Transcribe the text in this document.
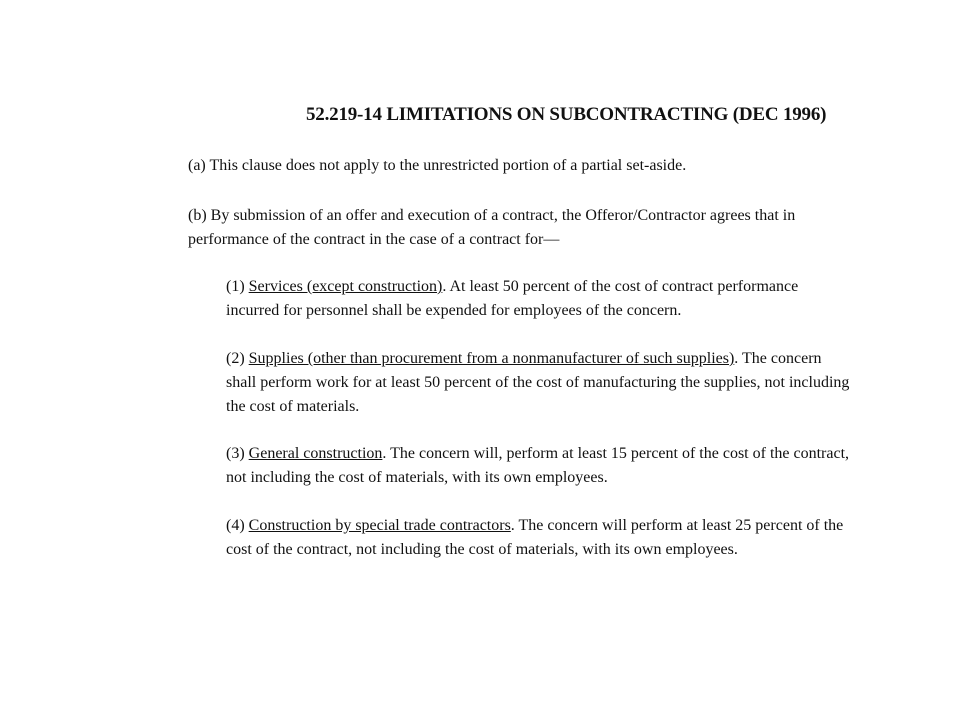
52.219-14 LIMITATIONS ON SUBCONTRACTING (DEC 1996)

(a) This clause does not apply to the unrestricted portion of a partial set-aside.

(b) By submission of an offer and execution of a contract, the Offeror/Contractor agrees that in
performance of the contract in the case of a contract for—

(1) Services (except construction). At least 50 percent of the cost of contract performance
incurred for personnel shall be expended for employees of the concern.

(2) Supplies (other than procurement from a nonmanufacturer of such supplies). The concern
shall perform work for at least 50 percent of the cost of manufacturing the supplies, not including
the cost of materials.

(3) General construction. The concern will, perform at least 15 percent of the cost of the contract,
not including the cost of materials, with its own employees.

(4) Construction by special trade contractors. The concern will perform at least 25 percent of the
cost of the contract, not including the cost of materials, with its own employees.
